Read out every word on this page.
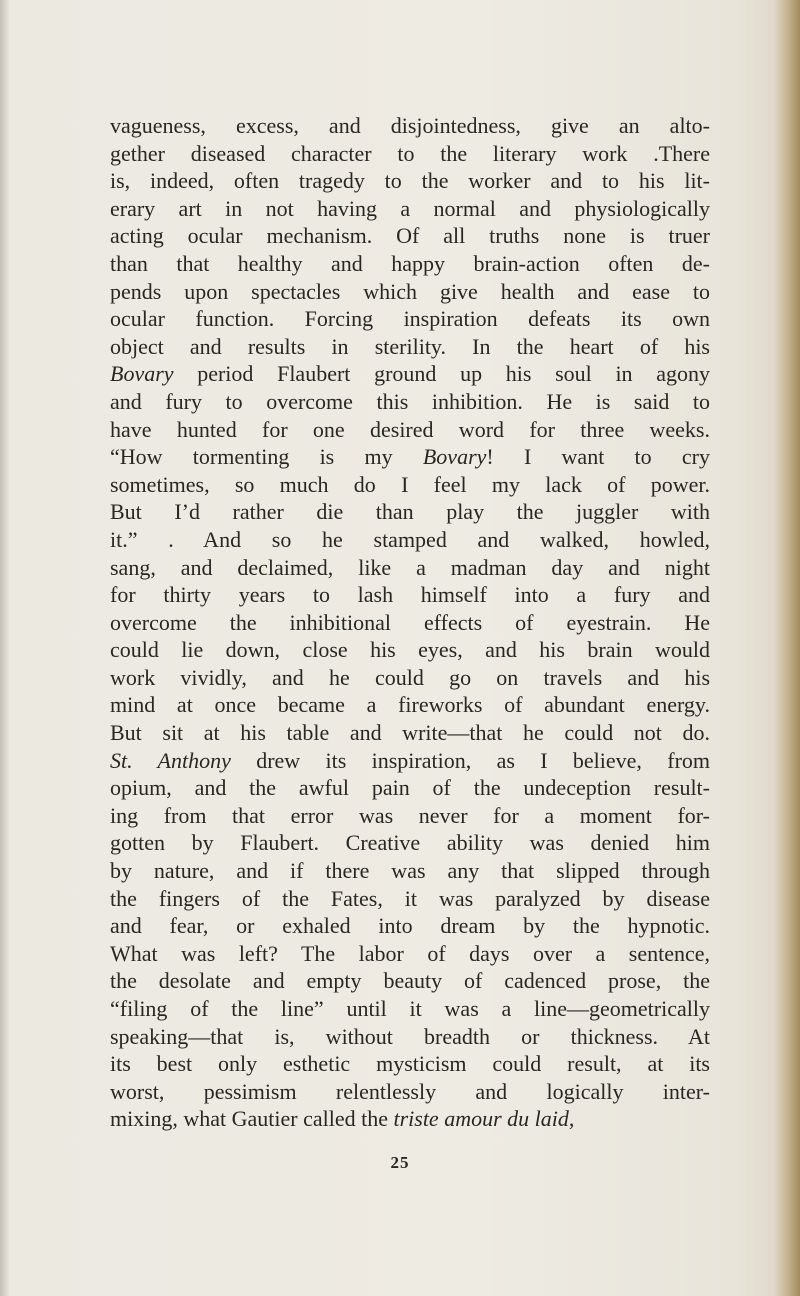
vagueness, excess, and disjointedness, give an alto-
gether diseased character to the literary work .There
is, indeed, often tragedy to the worker and to his lit-
erary art in not having a normal and physiologically
acting ocular mechanism. Of all truths none is truer
than that healthy and happy brain-action often de-
pends upon spectacles which give health and ease to
ocular function. Forcing inspiration defeats its own
object and results in sterility. In the heart of his
Bovary period Flaubert ground up his soul in agony
and fury to overcome this inhibition. He is said to
have hunted for one desired word for three weeks.
“How tormenting is my Bovary! I want to cry
sometimes, so much do I feel my lack of power.
But I’d rather die than play the juggler with
it.” . And so he stamped and walked, howled,
sang, and declaimed, like a madman day and night
for thirty years to lash himself into a fury and
overcome the inhibitional effects of eyestrain. He
could lie down, close his eyes, and his brain would
work vividly, and he could go on travels and his
mind at once became a fireworks of abundant energy.
But sit at his table and write—that he could not do.
St. Anthony drew its inspiration, as I believe, from
opium, and the awful pain of the undeception result-
ing from that error was never for a moment for-
gotten by Flaubert. Creative ability was denied him
by nature, and if there was any that slipped through
the fingers of the Fates, it was paralyzed by disease
and fear, or exhaled into dream by the hypnotic.
What was left? The labor of days over a sentence,
the desolate and empty beauty of cadenced prose, the
“filing of the line” until it was a line—geometrically
speaking—that is, without breadth or thickness. At
its best only esthetic mysticism could result, at its
worst, pessimism relentlessly and logically inter-
mixing, what Gautier called the triste amour du laid,
25
